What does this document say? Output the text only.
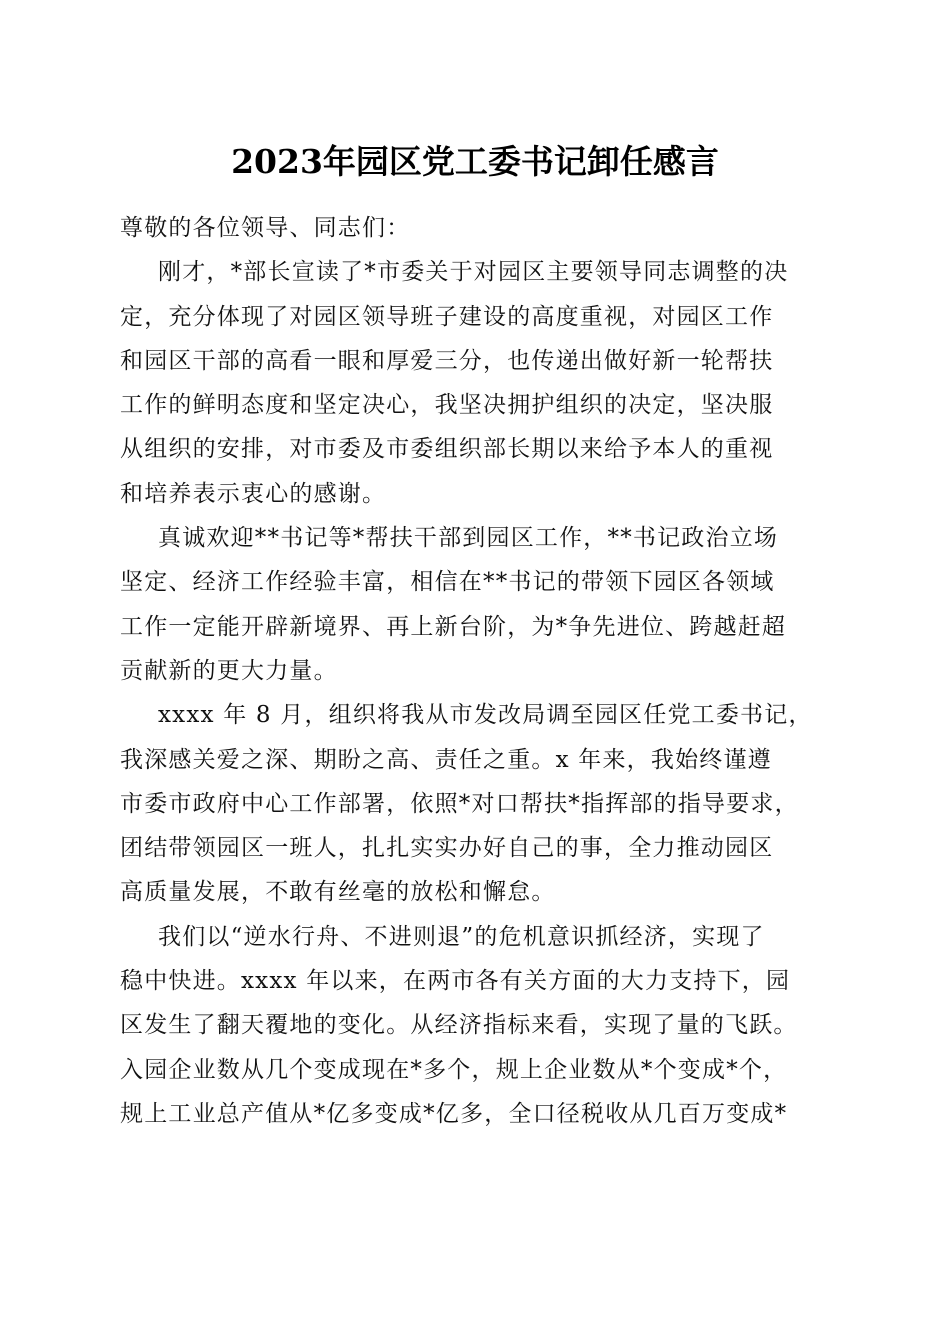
2023年园区党工委书记卸任感言
尊敬的各位领导、同志们：
刚才，*部长宣读了*市委关于对园区主要领导同志调整的决
定，充分体现了对园区领导班子建设的高度重视，对园区工作
和园区干部的高看一眼和厚爱三分，也传递出做好新一轮帮扶
工作的鲜明态度和坚定决心，我坚决拥护组织的决定，坚决服
从组织的安排，对市委及市委组织部长期以来给予本人的重视
和培养表示衷心的感谢。
真诚欢迎**书记等*帮扶干部到园区工作，**书记政治立场
坚定、经济工作经验丰富，相信在**书记的带领下园区各领域
工作一定能开辟新境界、再上新台阶，为*争先进位、跨越赶超
贡献新的更大力量。
xxxx 年 8 月，组织将我从市发改局调至园区任党工委书记，
我深感关爱之深、期盼之高、责任之重。x 年来，我始终谨遵
市委市政府中心工作部署，依照*对口帮扶*指挥部的指导要求，
团结带领园区一班人，扎扎实实办好自己的事，全力推动园区
高质量发展，不敢有丝毫的放松和懈怠。
我们以“逆水行舟、不进则退”的危机意识抓经济，实现了
稳中快进。xxxx 年以来，在两市各有关方面的大力支持下，园
区发生了翻天覆地的变化。从经济指标来看，实现了量的飞跃。
入园企业数从几个变成现在*多个，规上企业数从*个变成*个，
规上工业总产值从*亿多变成*亿多，全口径税收从几百万变成*
